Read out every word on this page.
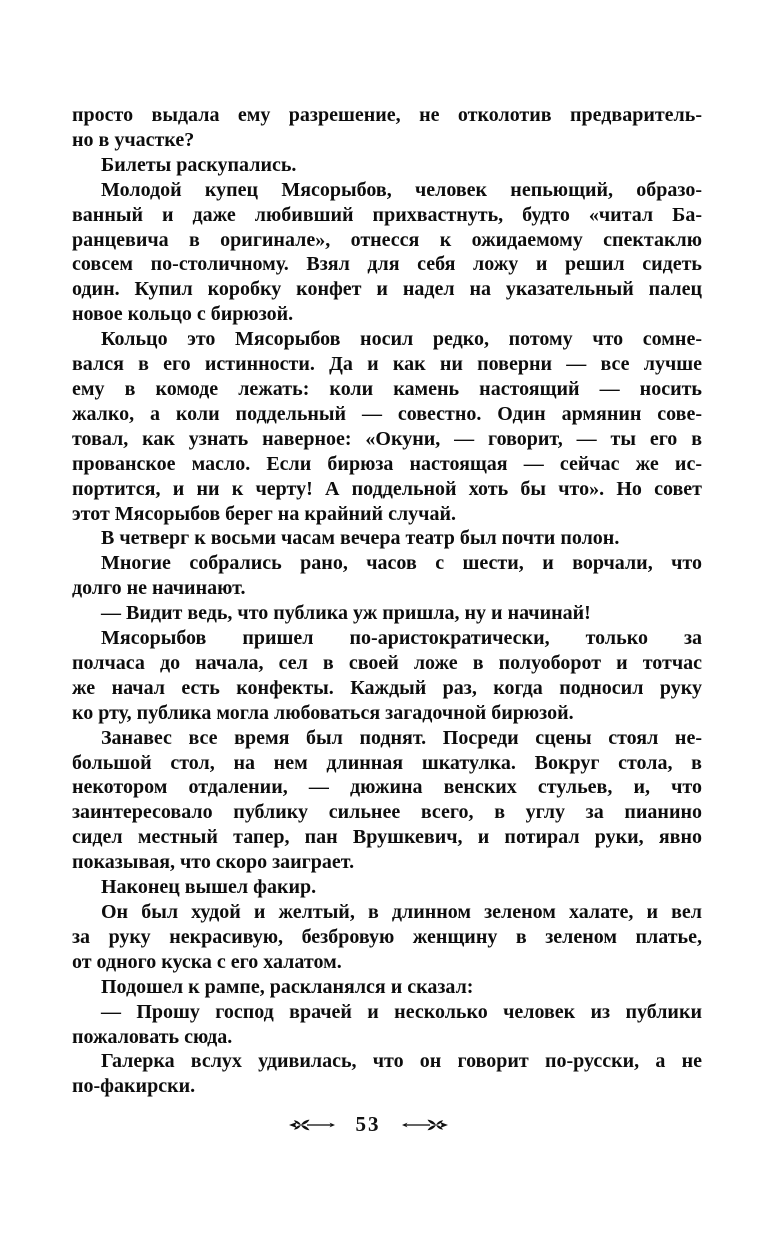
просто выдала ему разрешение, не отколотив предваритель-
но в участке?
Билеты раскупались.
Молодой купец Мясорыбов, человек непьющий, образо-
ванный и даже любивший прихвастнуть, будто «читал Ба-
ранцевича в оригинале», отнесся к ожидаемому спектаклю
совсем по-столичному. Взял для себя ложу и решил сидеть
один. Купил коробку конфет и надел на указательный палец
новое кольцо с бирюзой.
Кольцо это Мясорыбов носил редко, потому что сомне-
вался в его истинности. Да и как ни поверни — все лучше
ему в комоде лежать: коли камень настоящий — носить
жалко, а коли поддельный — совестно. Один армянин сове-
товал, как узнать наверное: «Окуни, — говорит, — ты его в
прованское масло. Если бирюза настоящая — сейчас же ис-
портится, и ни к черту! А поддельной хоть бы что». Но совет
этот Мясорыбов берег на крайний случай.
В четверг к восьми часам вечера театр был почти полон.
Многие собрались рано, часов с шести, и ворчали, что
долго не начинают.
— Видит ведь, что публика уж пришла, ну и начинай!
Мясорыбов пришел по-аристократически, только за
полчаса до начала, сел в своей ложе в полуоборот и тотчас
же начал есть конфекты. Каждый раз, когда подносил руку
ко рту, публика могла любоваться загадочной бирюзой.
Занавес все время был поднят. Посреди сцены стоял не-
большой стол, на нем длинная шкатулка. Вокруг стола, в
некотором отдалении, — дюжина венских стульев, и, что
заинтересовало публику сильнее всего, в углу за пианино
сидел местный тапер, пан Врушкевич, и потирал руки, явно
показывая, что скоро заиграет.
Наконец вышел факир.
Он был худой и желтый, в длинном зеленом халате, и вел
за руку некрасивую, безбровую женщину в зеленом платье,
от одного куска с его халатом.
Подошел к рампе, раскланялся и сказал:
— Прошу господ врачей и несколько человек из публики
пожаловать сюда.
Галерка вслух удивилась, что он говорит по-русски, а не
по-факирски.
53
